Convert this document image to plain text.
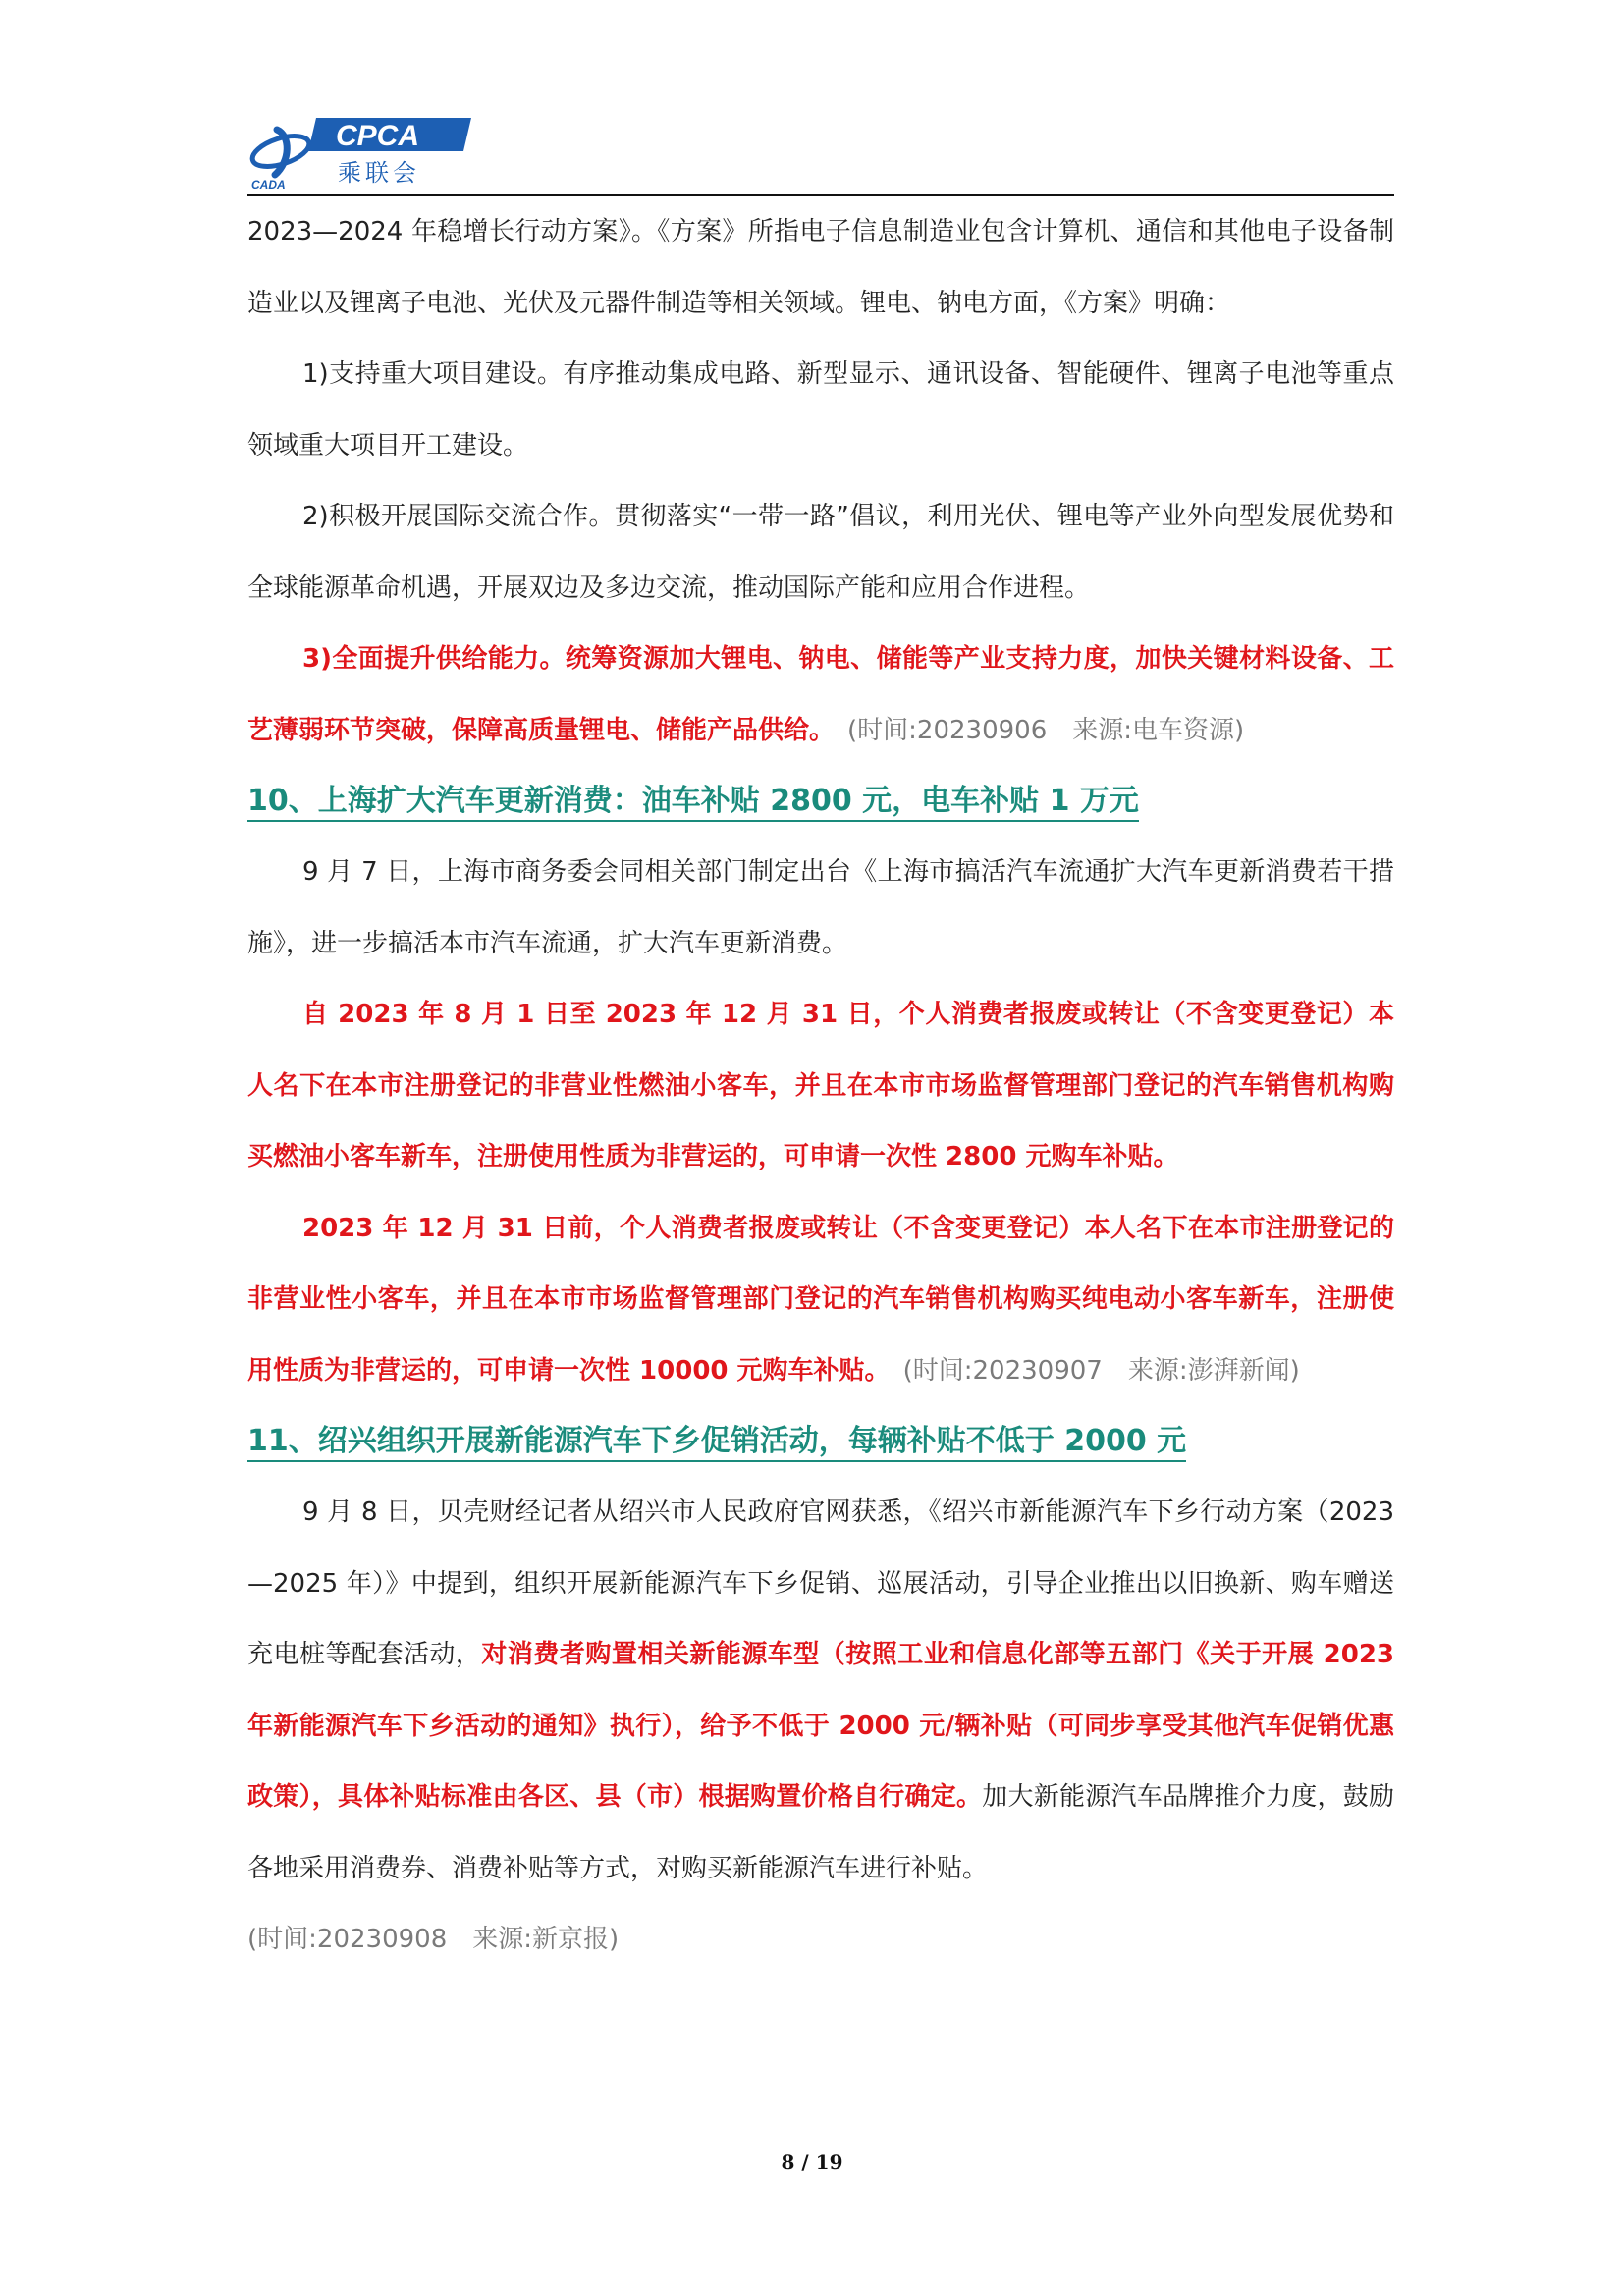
CADA
CPCA
乘联会

2023—2024 年稳增长行动方案》。《方案》所指电子信息制造业包含计算机、通信和其他电子设备制造业以及锂离子电池、光伏及元器件制造等相关领域。锂电、钠电方面，《方案》明确：

1)支持重大项目建设。有序推动集成电路、新型显示、通讯设备、智能硬件、锂离子电池等重点领域重大项目开工建设。

2)积极开展国际交流合作。贯彻落实“一带一路”倡议，利用光伏、锂电等产业外向型发展优势和全球能源革命机遇，开展双边及多边交流，推动国际产能和应用合作进程。

3)全面提升供给能力。统筹资源加大锂电、钠电、储能等产业支持力度，加快关键材料设备、工艺薄弱环节突破，保障高质量锂电、储能产品供给。　 (时间:20230906　来源:电车资源)

10、上海扩大汽车更新消费：油车补贴 2800 元，电车补贴 1 万元

9 月 7 日，上海市商务委会同相关部门制定出台《上海市搞活汽车流通扩大汽车更新消费若干措施》，进一步搞活本市汽车流通，扩大汽车更新消费。

自 2023 年 8 月 1 日至 2023 年 12 月 31 日，个人消费者报废或转让（不含变更登记）本人名下在本市注册登记的非营业性燃油小客车，并且在本市市场监督管理部门登记的汽车销售机构购买燃油小客车新车，注册使用性质为非营运的，可申请一次性 2800 元购车补贴。

2023 年 12 月 31 日前，个人消费者报废或转让（不含变更登记）本人名下在本市注册登记的非营业性小客车，并且在本市市场监督管理部门登记的汽车销售机构购买纯电动小客车新车，注册使用性质为非营运的，可申请一次性 10000 元购车补贴。　 (时间:20230907　来源:澎湃新闻)

11、绍兴组织开展新能源汽车下乡促销活动，每辆补贴不低于 2000 元

9 月 8 日，贝壳财经记者从绍兴市人民政府官网获悉，《绍兴市新能源汽车下乡行动方案（2023—2025 年）》中提到，组织开展新能源汽车下乡促销、巡展活动，引导企业推出以旧换新、购车赠送充电桩等配套活动，对消费者购置相关新能源车型（按照工业和信息化部等五部门《关于开展 2023 年新能源汽车下乡活动的通知》执行），给予不低于 2000 元/辆补贴（可同步享受其他汽车促销优惠政策），具体补贴标准由各区、县（市）根据购置价格自行确定。加大新能源汽车品牌推介力度，鼓励各地采用消费券、消费补贴等方式，对购买新能源汽车进行补贴。
(时间:20230908　来源:新京报)

8 / 19
